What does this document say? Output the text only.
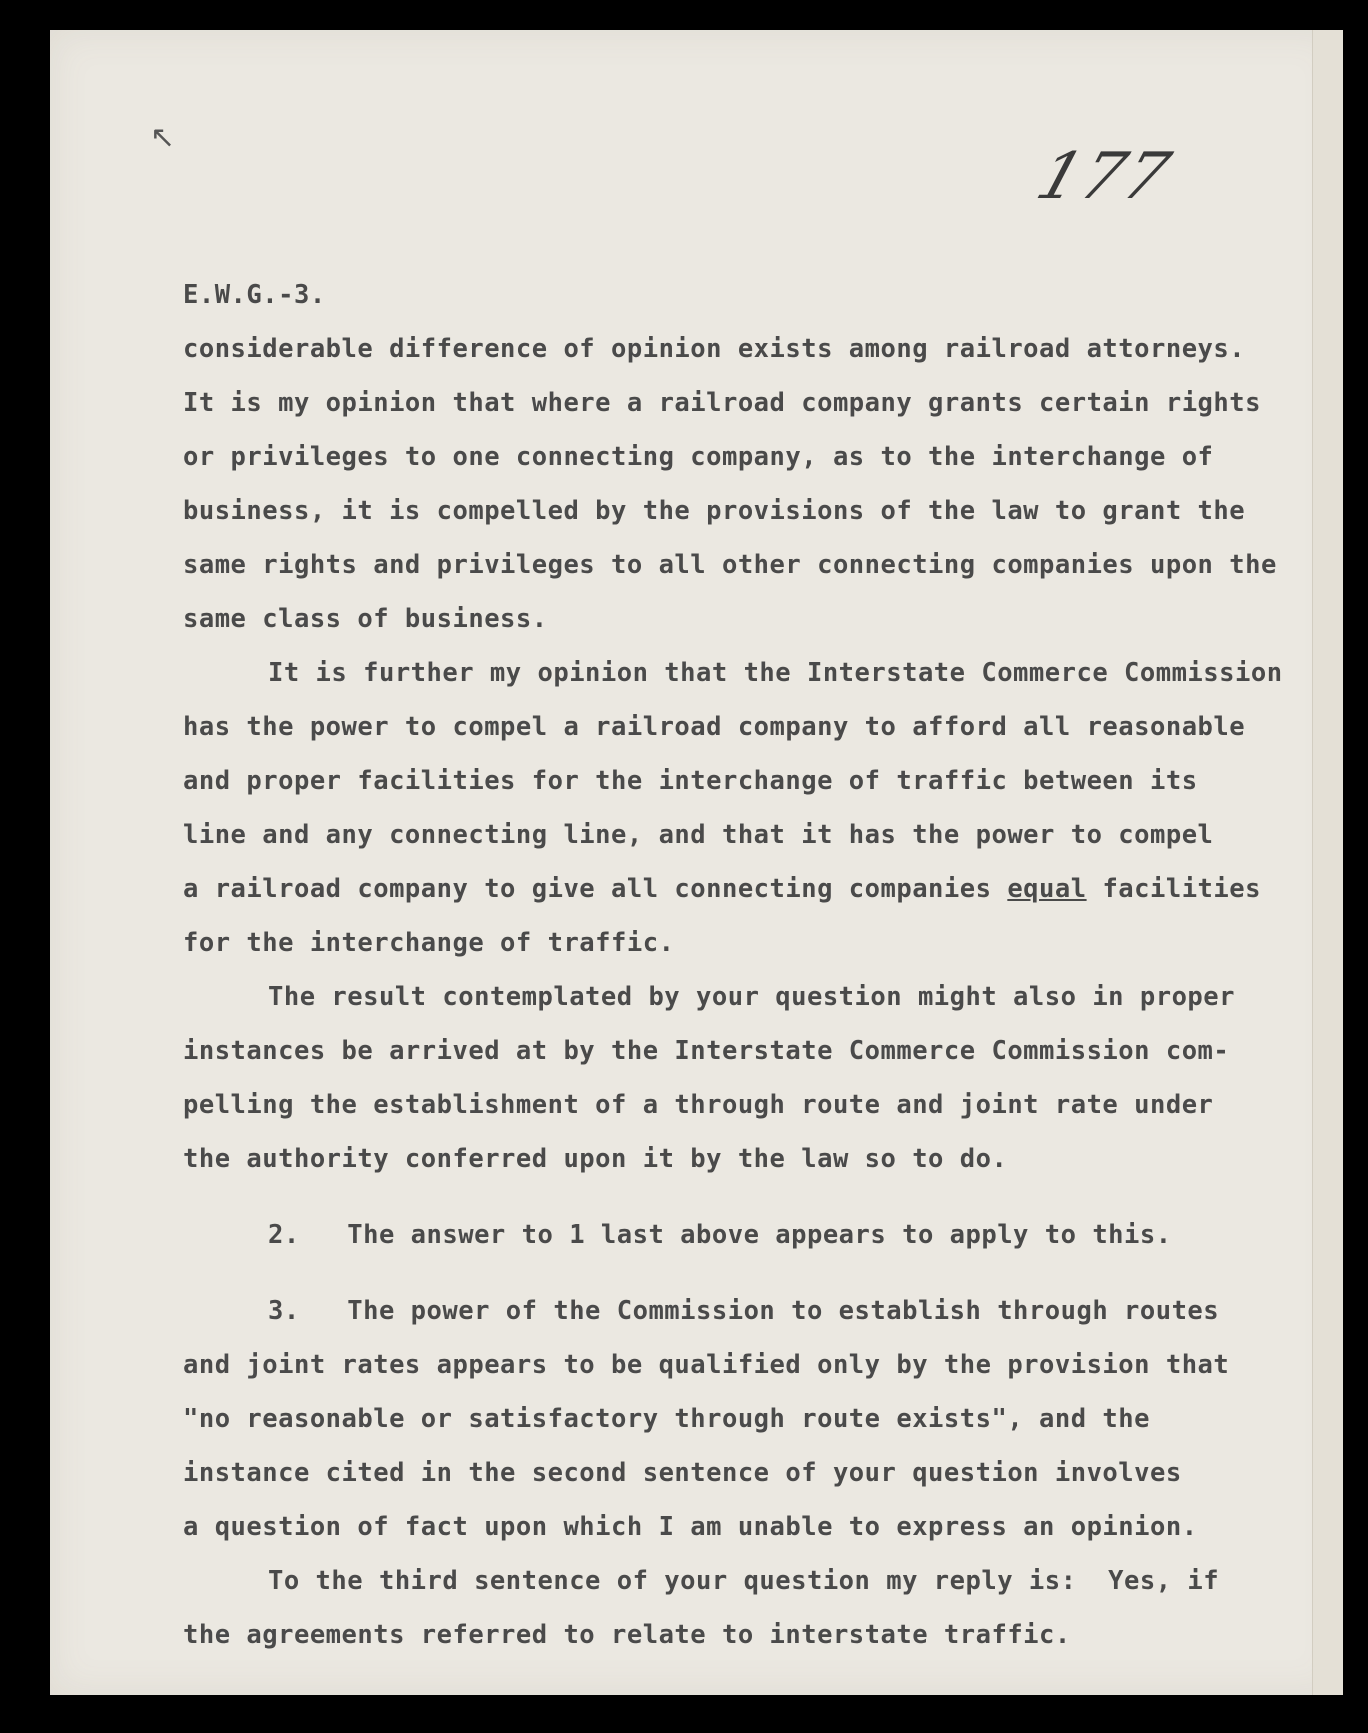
↖
177

E.W.G.-3.

considerable difference of opinion exists among railroad attorneys.

It is my opinion that where a railroad company grants certain rights

or privileges to one connecting company, as to the interchange of

business, it is compelled by the provisions of the law to grant the

same rights and privileges to all other connecting companies upon the

same class of business.

It is further my opinion that the Interstate Commerce Commission

has the power to compel a railroad company to afford all reasonable

and proper facilities for the interchange of traffic between its

line and any connecting line, and that it has the power to compel

a railroad company to give all connecting companies equal facilities

for the interchange of traffic.

The result contemplated by your question might also in proper

instances be arrived at by the Interstate Commerce Commission com-

pelling the establishment of a through route and joint rate under

the authority conferred upon it by the law so to do.

2.   The answer to 1 last above appears to apply to this.

3.   The power of the Commission to establish through routes

and joint rates appears to be qualified only by the provision that

"no reasonable or satisfactory through route exists", and the

instance cited in the second sentence of your question involves

a question of fact upon which I am unable to express an opinion.

To the third sentence of your question my reply is:  Yes, if

the agreements referred to relate to interstate traffic.
